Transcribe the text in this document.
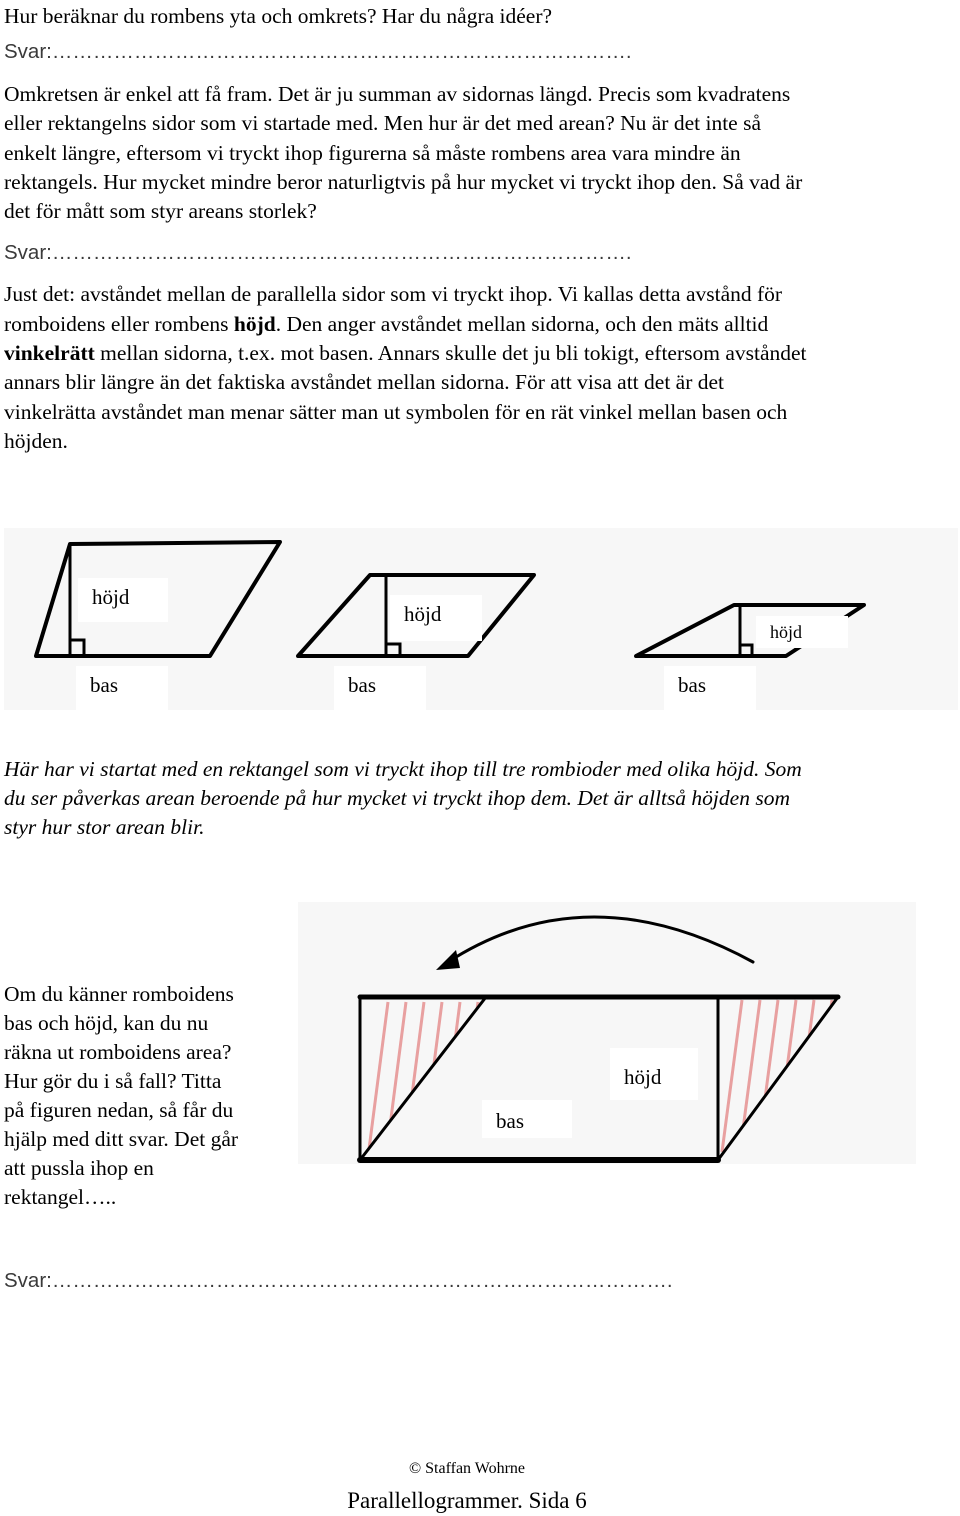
Hur beräknar du rombens yta och omkrets? Har du några idéer?
Svar:………………………………………………………………………….
Omkretsen är enkel att få fram. Det är ju summan av sidornas längd. Precis som kvadratens
eller rektangelns sidor som vi startade med. Men hur är det med arean? Nu är det inte så
enkelt längre, eftersom vi tryckt ihop figurerna så måste rombens area vara mindre än
rektangels. Hur mycket mindre beror naturligtvis på hur mycket vi tryckt ihop den. Så vad är
det för mått som styr areans storlek?
Svar:………………………………………………………………………….
Just det: avståndet mellan de parallella sidor som vi tryckt ihop. Vi kallas detta avstånd för
romboidens eller rombens höjd. Den anger avståndet mellan sidorna, och den mäts alltid
vinkelrätt mellan sidorna, t.ex. mot basen. Annars skulle det ju bli tokigt, eftersom avståndet
annars blir längre än det faktiska avståndet mellan sidorna. För att visa att det är det
vinkelrätta avståndet man menar sätter man ut symbolen för en rät vinkel mellan basen och
höjden.
höjd
höjd
höjd
bas	bas	bas
Här har vi startat med en rektangel som vi tryckt ihop till tre rombioder med olika höjd. Som
du ser påverkas arean beroende på hur mycket vi tryckt ihop dem. Det är alltså höjden som
styr hur stor arean blir.
Om du känner romboidens
bas och höjd, kan du nu
räkna ut romboidens area?
Hur gör du i så fall? Titta
på figuren nedan, så får du
hjälp med ditt svar. Det går
att pussla ihop en
rektangel…..
höjd
bas
Svar:……………………………………………………………………………….
© Staffan Wohrne
Parallellogrammer. Sida 6
